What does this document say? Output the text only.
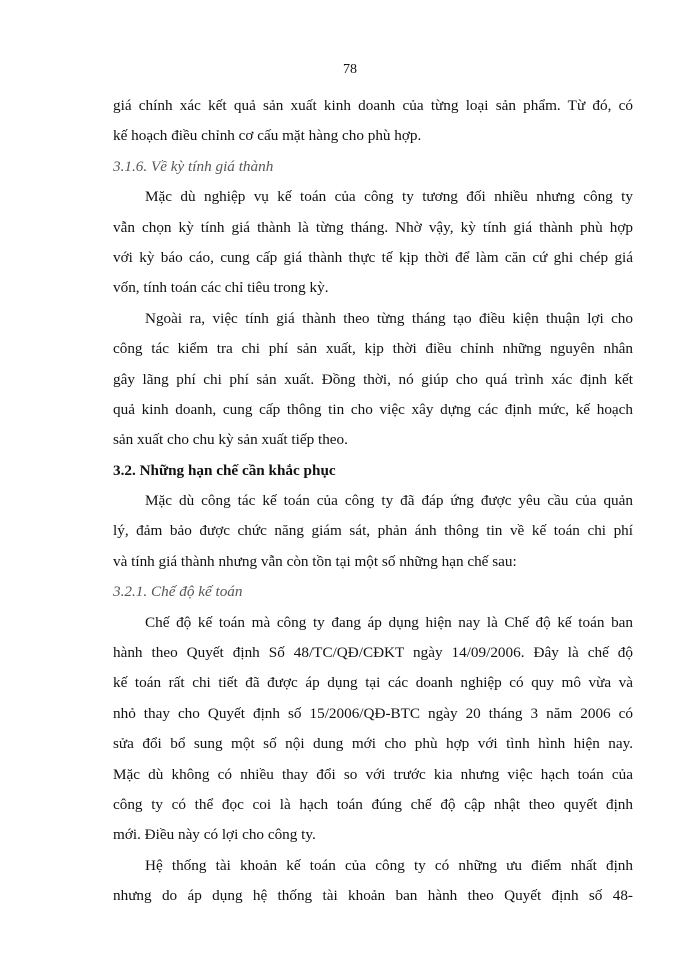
78
giá chính xác kết quả sản xuất kinh doanh của từng loại sản phẩm. Từ đó, có
kế hoạch điều chỉnh cơ cấu mặt hàng cho phù hợp.
3.1.6. Về kỳ tính giá thành
Mặc dù nghiệp vụ kế toán của công ty tương đối nhiều nhưng công ty
vẫn chọn kỳ tính giá thành là từng tháng. Nhờ vậy, kỳ tính giá thành phù hợp
với kỳ báo cáo, cung cấp giá thành thực tế kịp thời để làm căn cứ ghi chép giá
vốn, tính toán các chỉ tiêu trong kỳ.
Ngoài ra, việc tính giá thành theo từng tháng tạo điều kiện thuận lợi cho
công tác kiểm tra chi phí sản xuất, kịp thời điều chỉnh những nguyên nhân
gây lãng phí chi phí sản xuất. Đồng thời, nó giúp cho quá trình xác định kết
quả kinh doanh, cung cấp thông tin cho việc xây dựng các định mức, kế hoạch
sản xuất cho chu kỳ sản xuất tiếp theo.
3.2. Những hạn chế cần khắc phục
Mặc dù công tác kế toán của công ty đã đáp ứng được yêu cầu của quản
lý, đảm bảo được chức năng giám sát, phản ánh thông tin về kế toán chi phí
và tính giá thành nhưng vẫn còn tồn tại một số những hạn chế sau:
3.2.1. Chế độ kế toán
Chế độ kế toán mà công ty đang áp dụng hiện nay là Chế độ kế toán ban
hành theo Quyết định Số 48/TC/QĐ/CĐKT ngày 14/09/2006. Đây là chế độ
kế toán rất chi tiết đã được áp dụng tại các doanh nghiệp có quy mô vừa và
nhỏ thay cho Quyết định số 15/2006/QĐ-BTC ngày 20 tháng 3 năm 2006 có
sửa đổi bổ sung một số nội dung mới cho phù hợp với tình hình hiện nay.
Mặc dù không có nhiều thay đổi so với trước kia nhưng việc hạch toán của
công ty có thể đọc coi là hạch toán đúng chế độ cập nhật theo quyết định
mới. Điều này có lợi cho công ty.
Hệ thống tài khoản kế toán của công ty có những ưu điểm nhất định
nhưng do áp dụng hệ thống tài khoản ban hành theo Quyết định số 48-
